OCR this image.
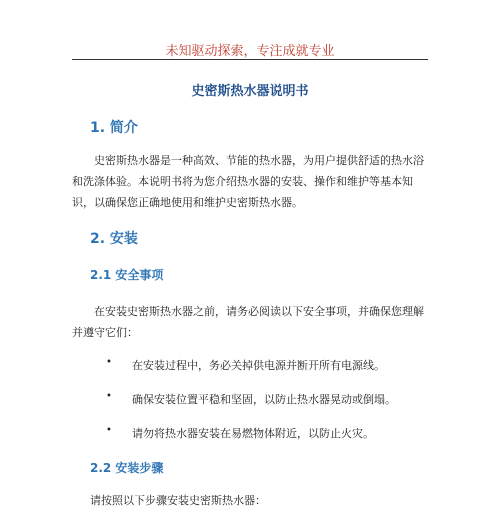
未知驱动探索，专注成就专业
史密斯热水器说明书
1. 简介
史密斯热水器是一种高效、节能的热水器，为用户提供舒适的热水浴和洗涤体验。本说明书将为您介绍热水器的安装、操作和维护等基本知识，以确保您正确地使用和维护史密斯热水器。
2. 安装
2.1 安全事项
在安装史密斯热水器之前，请务必阅读以下安全事项，并确保您理解并遵守它们：
• 在安装过程中，务必关掉供电源并断开所有电源线。
• 确保安装位置平稳和坚固，以防止热水器晃动或倒塌。
• 请勿将热水器安装在易燃物体附近，以防止火灾。
2.2 安装步骤
请按照以下步骤安装史密斯热水器：
